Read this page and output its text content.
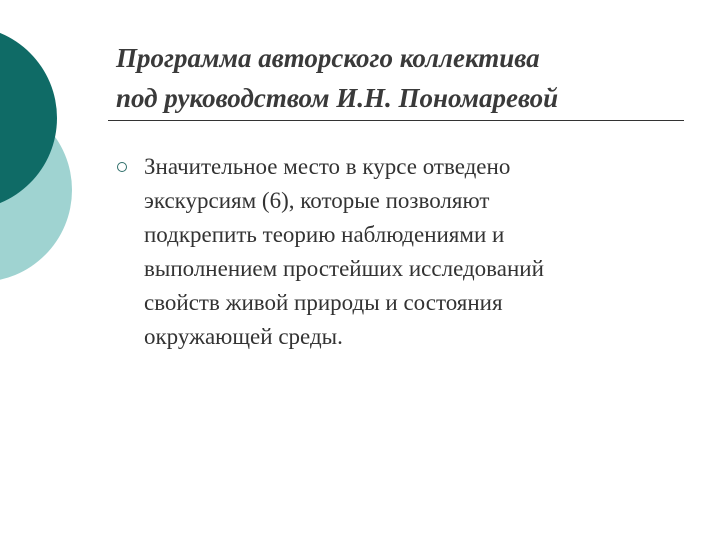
Программа авторского коллектива
под руководством И.Н. Пономаревой
Значительное место в курсе отведено
экскурсиям (6), которые позволяют
подкрепить теорию наблюдениями и
выполнением простейших исследований
свойств живой природы и состояния
окружающей среды.
